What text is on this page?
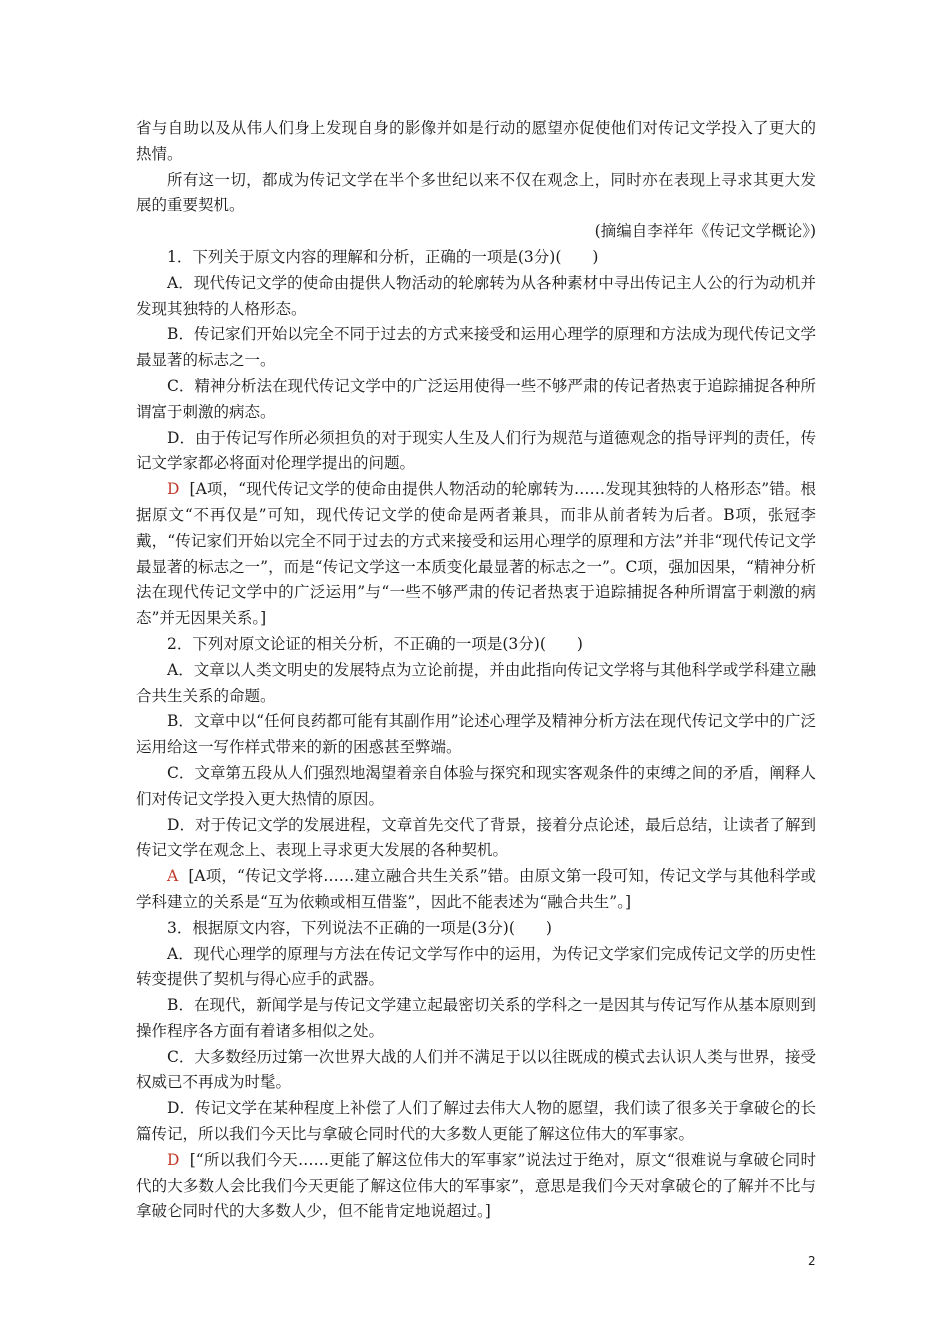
省与自助以及从伟人们身上发现自身的影像并如是行动的愿望亦促使他们对传记文学投入了更大的热情。

所有这一切，都成为传记文学在半个多世纪以来不仅在观念上，同时亦在表现上寻求其更大发展的重要契机。

(摘编自李祥年《传记文学概论》)

1．下列关于原文内容的理解和分析，正确的一项是(3分)(　　)

A．现代传记文学的使命由提供人物活动的轮廓转为从各种素材中寻出传记主人公的行为动机并发现其独特的人格形态。

B．传记家们开始以完全不同于过去的方式来接受和运用心理学的原理和方法成为现代传记文学最显著的标志之一。

C．精神分析法在现代传记文学中的广泛运用使得一些不够严肃的传记者热衷于追踪捕捉各种所谓富于刺激的病态。

D．由于传记写作所必须担负的对于现实人生及人们行为规范与道德观念的指导评判的责任，传记文学家都必将面对伦理学提出的问题。

D [A项，“现代传记文学的使命由提供人物活动的轮廓转为……发现其独特的人格形态”错。根据原文“不再仅是”可知，现代传记文学的使命是两者兼具，而非从前者转为后者。B项，张冠李戴，“传记家们开始以完全不同于过去的方式来接受和运用心理学的原理和方法”并非“现代传记文学最显著的标志之一”，而是“传记文学这一本质变化最显著的标志之一”。C项，强加因果，“精神分析法在现代传记文学中的广泛运用”与“一些不够严肃的传记者热衷于追踪捕捉各种所谓富于刺激的病态”并无因果关系。]

2．下列对原文论证的相关分析，不正确的一项是(3分)(　　)

A．文章以人类文明史的发展特点为立论前提，并由此指向传记文学将与其他科学或学科建立融合共生关系的命题。

B．文章中以“任何良药都可能有其副作用”论述心理学及精神分析方法在现代传记文学中的广泛运用给这一写作样式带来的新的困惑甚至弊端。

C．文章第五段从人们强烈地渴望着亲自体验与探究和现实客观条件的束缚之间的矛盾，阐释人们对传记文学投入更大热情的原因。

D．对于传记文学的发展进程，文章首先交代了背景，接着分点论述，最后总结，让读者了解到传记文学在观念上、表现上寻求更大发展的各种契机。

A [A项，“传记文学将……建立融合共生关系”错。由原文第一段可知，传记文学与其他科学或学科建立的关系是“互为依赖或相互借鉴”，因此不能表述为“融合共生”。]

3．根据原文内容，下列说法不正确的一项是(3分)(　　)

A．现代心理学的原理与方法在传记文学写作中的运用，为传记文学家们完成传记文学的历史性转变提供了契机与得心应手的武器。

B．在现代，新闻学是与传记文学建立起最密切关系的学科之一是因其与传记写作从基本原则到操作程序各方面有着诸多相似之处。

C．大多数经历过第一次世界大战的人们并不满足于以以往既成的模式去认识人类与世界，接受权威已不再成为时髦。

D．传记文学在某种程度上补偿了人们了解过去伟大人物的愿望，我们读了很多关于拿破仑的长篇传记，所以我们今天比与拿破仑同时代的大多数人更能了解这位伟大的军事家。

D [“所以我们今天……更能了解这位伟大的军事家”说法过于绝对，原文“很难说与拿破仑同时代的大多数人会比我们今天更能了解这位伟大的军事家”，意思是我们今天对拿破仑的了解并不比与拿破仑同时代的大多数人少，但不能肯定地说超过。]

2
